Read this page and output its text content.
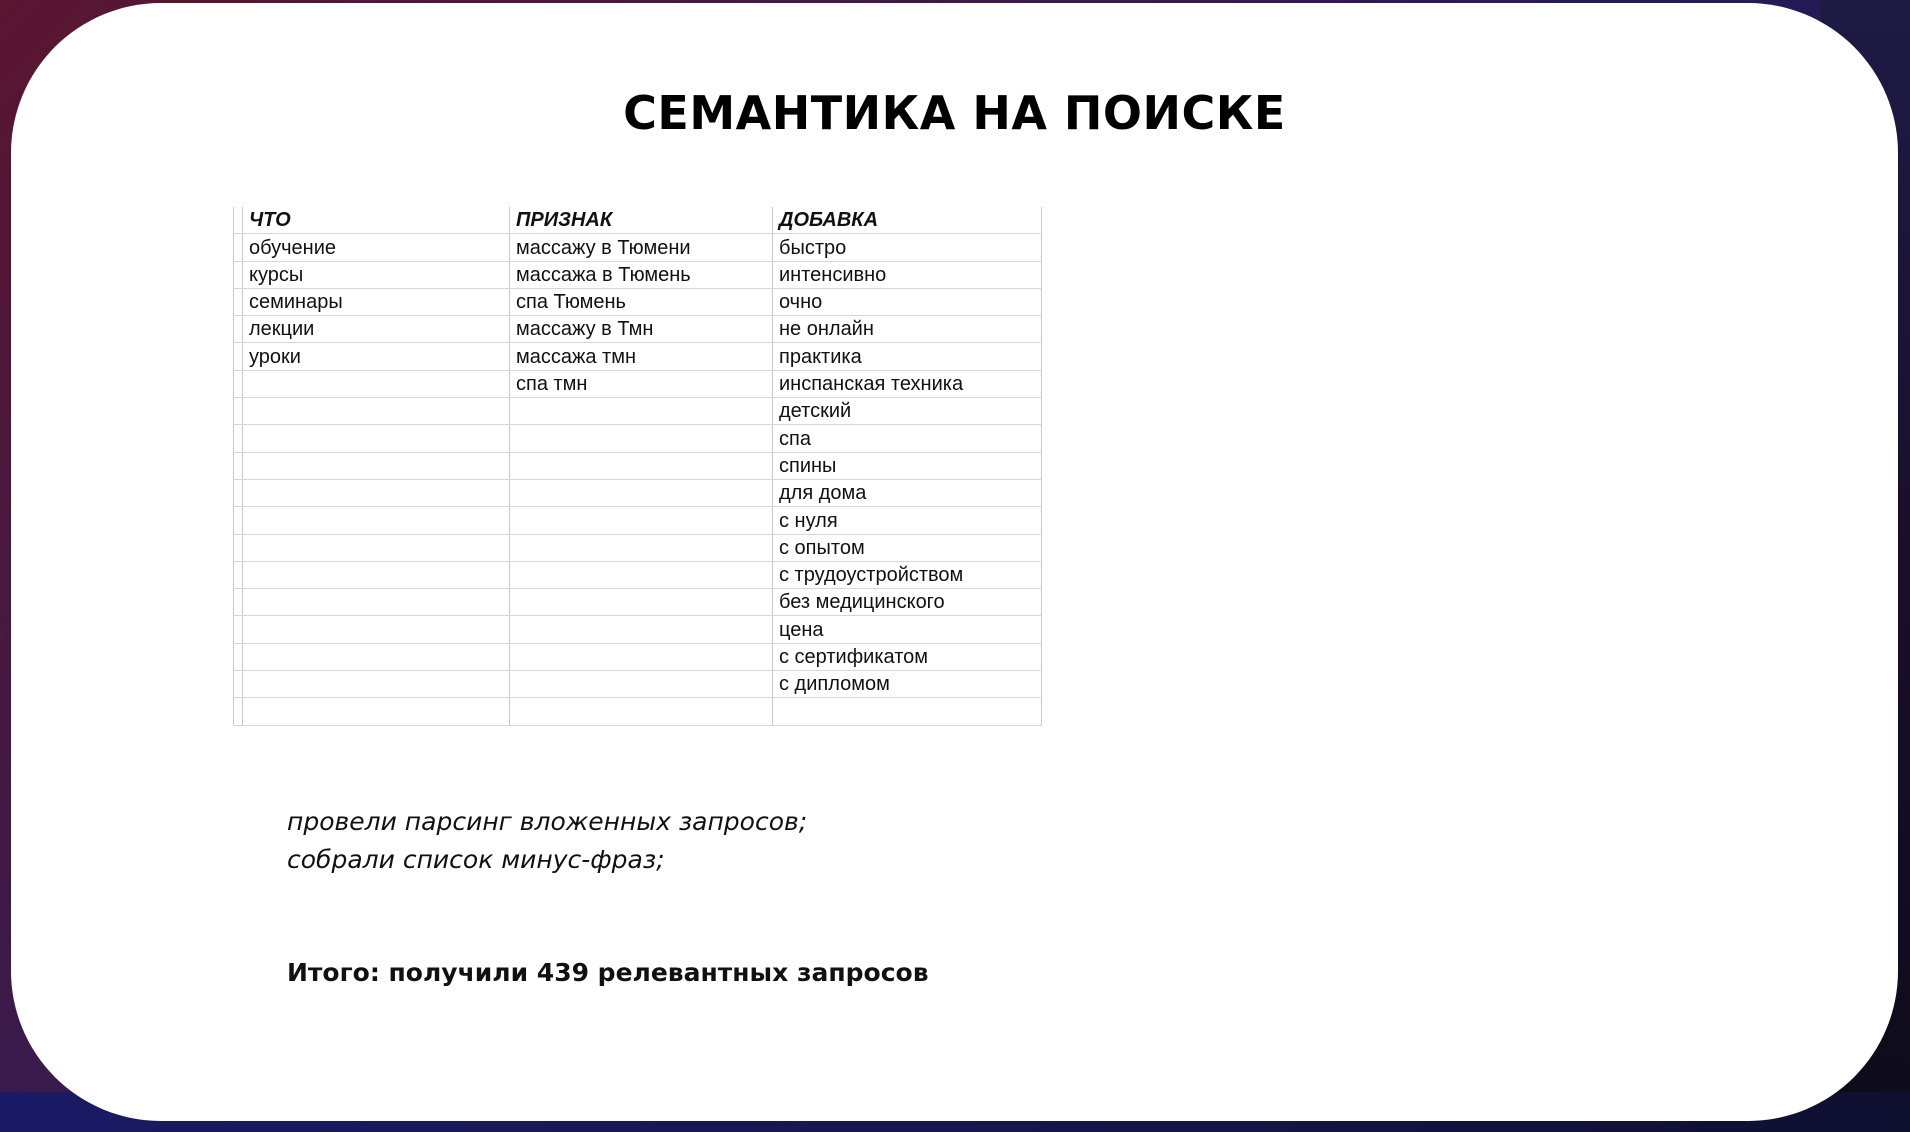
СЕМАНТИКА НА ПОИСКЕ
	ЧТО	ПРИЗНАК	ДОБАВКА
	обучение	массажу в Тюмени	быстро
	курсы	массажа в Тюмень	интенсивно
	семинары	спа Тюмень	очно
	лекции	массажу в Тмн	не онлайн
	уроки	массажа тмн	практика
		спа тмн	инспанская техника
			детский
			спа
			спины
			для дома
			с нуля
			с опытом
			с трудоустройством
			без медицинского
			цена
			с сертификатом
			с дипломом

провели парсинг вложенных запросов;
собрали список минус-фраз;
Итого: получили 439 релевантных запросов
